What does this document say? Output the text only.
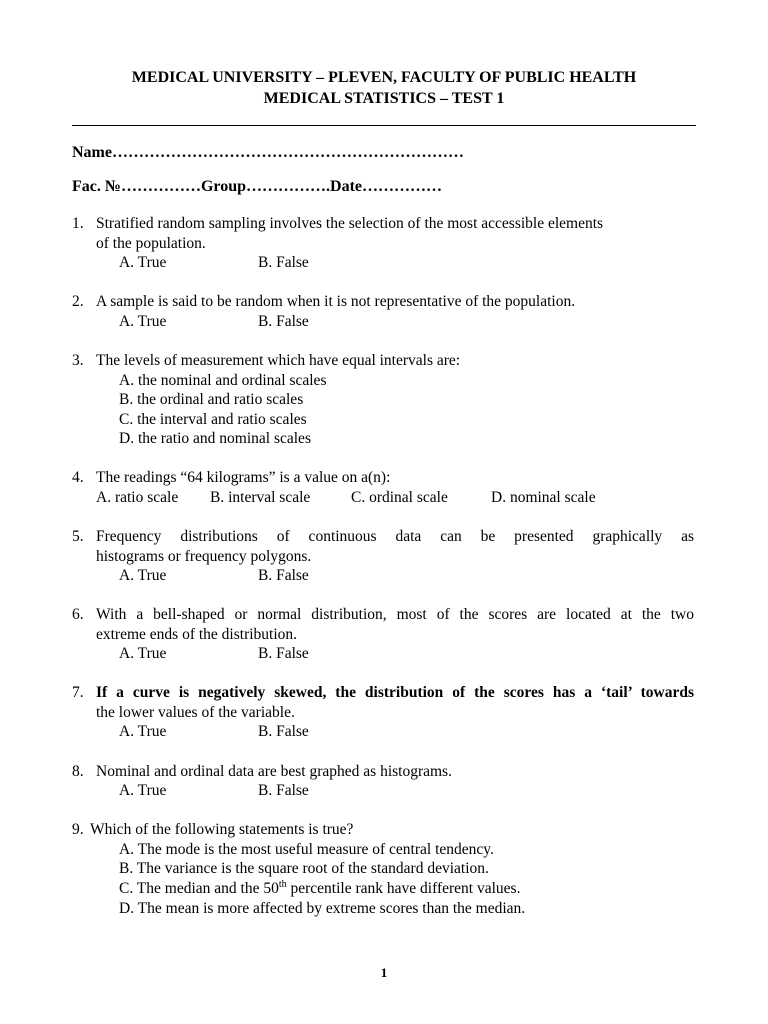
MEDICAL UNIVERSITY – PLEVEN, FACULTY OF PUBLIC HEALTH
MEDICAL STATISTICS – TEST 1
Name…………………………………………………………
Fac. №……………Group…………….Date……………
1. Stratified random sampling involves the selection of the most accessible elements
of the population.
A. True	B. False
2. A sample is said to be random when it is not representative of the population.
A. True	B. False
3. The levels of measurement which have equal intervals are:
A. the nominal and ordinal scales
B. the ordinal and ratio scales
C. the interval and ratio scales
D. the ratio and nominal scales
4. The readings “64 kilograms” is a value on a(n):
A. ratio scale B. interval scale	C. ordinal scale	D. nominal scale
5. Frequency distributions of continuous data can be presented graphically as
histograms or frequency polygons.
A. True	B. False
6. With a bell-shaped or normal distribution, most of the scores are located at the two
extreme ends of the distribution.
A. True	B. False
7. If a curve is negatively skewed, the distribution of the scores has a ‘tail’ towards
the lower values of the variable.
A. True	B. False
8. Nominal and ordinal data are best graphed as histograms.
A. True	B. False
9. Which of the following statements is true?
A. The mode is the most useful measure of central tendency.
B. The variance is the square root of the standard deviation.
C. The median and the 50th percentile rank have different values.
D. The mean is more affected by extreme scores than the median.
1
